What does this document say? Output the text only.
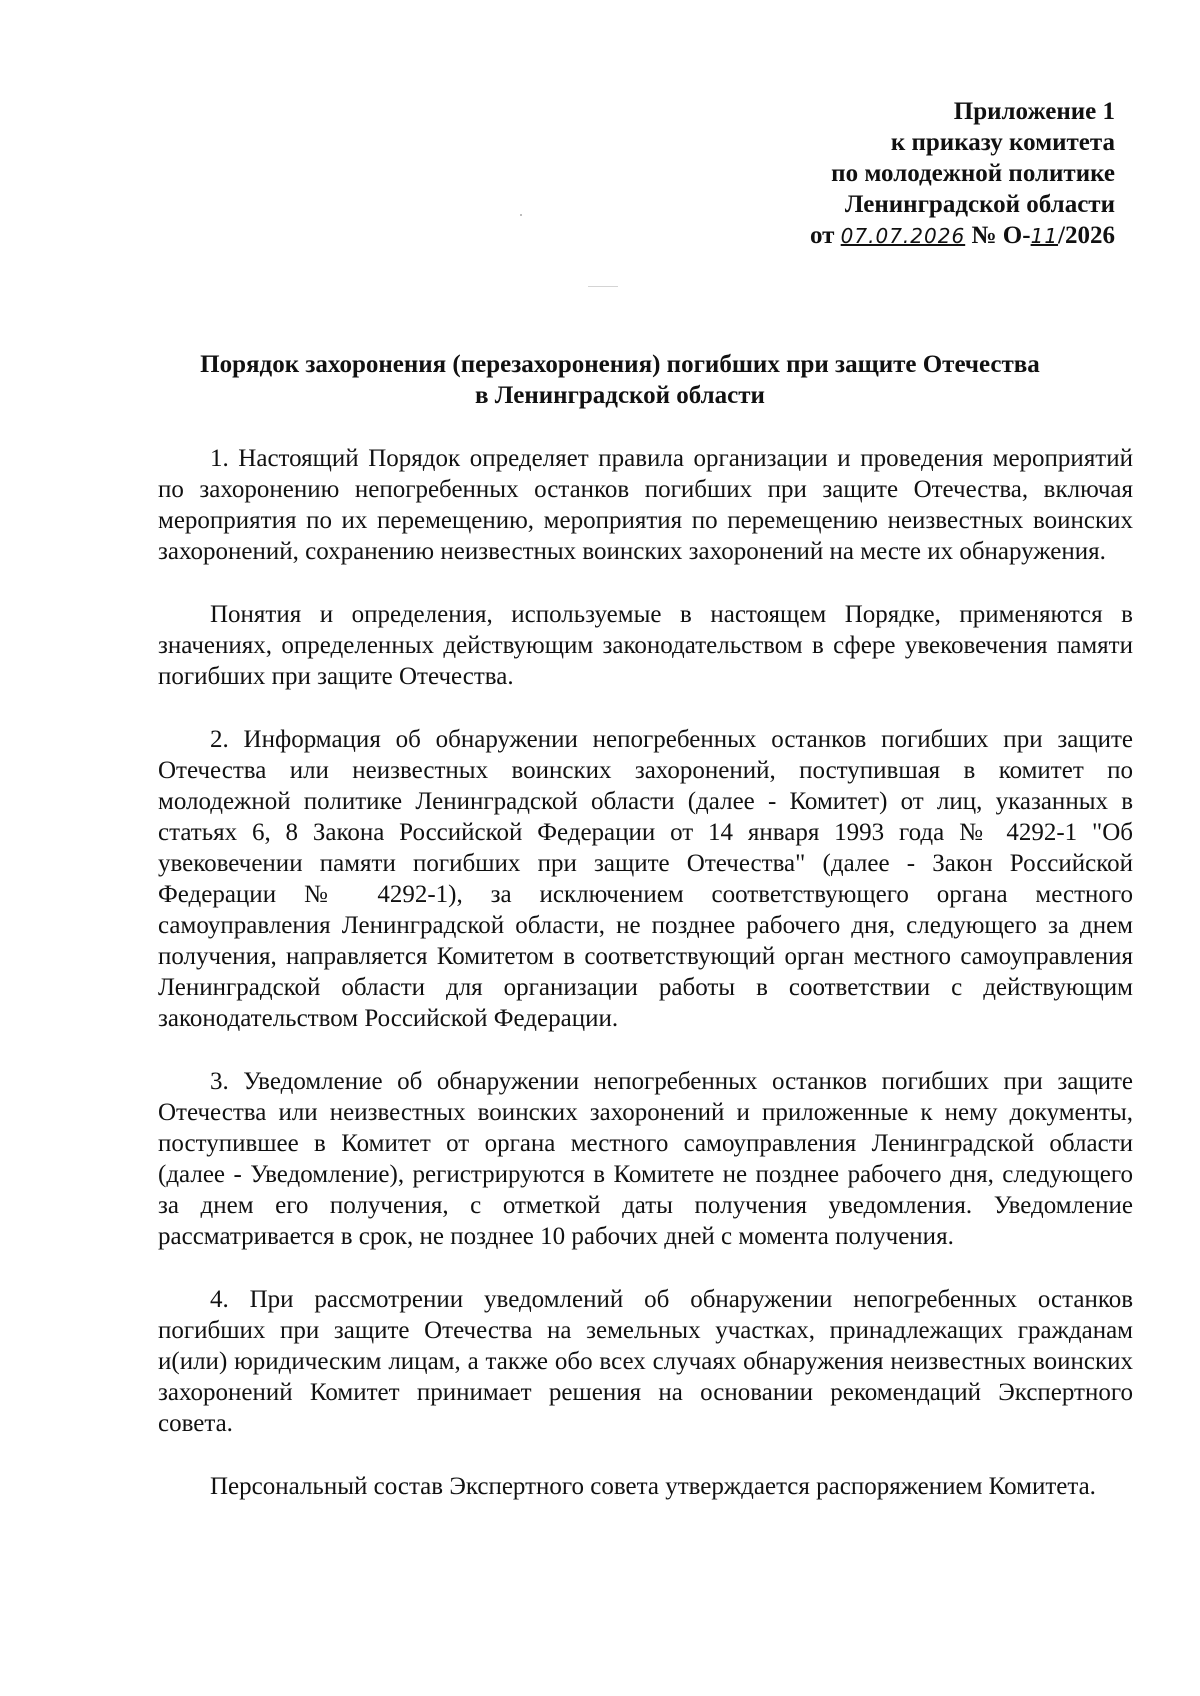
Приложение 1
к приказу комитета
по молодежной политике
Ленинградской области
от 07.07.2026 № О-11/2026
Порядок захоронения (перезахоронения) погибших при защите Отечества
в Ленинградской области

1. Настоящий Порядок определяет правила организации и проведения мероприятий по захоронению непогребенных останков погибших при защите Отечества, включая мероприятия по их перемещению, мероприятия по перемещению неизвестных воинских захоронений, сохранению неизвестных воинских захоронений на месте их обнаружения.

Понятия и определения, используемые в настоящем Порядке, применяются в значениях, определенных действующим законодательством в сфере увековечения памяти погибших при защите Отечества.

2. Информация об обнаружении непогребенных останков погибших при защите Отечества или неизвестных воинских захоронений, поступившая в комитет по молодежной политике Ленинградской области (далее - Комитет) от лиц, указанных в статьях 6, 8 Закона Российской Федерации от 14 января 1993 года № 4292-1 "Об увековечении памяти погибших при защите Отечества" (далее - Закон Российской Федерации № 4292-1), за исключением соответствующего органа местного самоуправления Ленинградской области, не позднее рабочего дня, следующего за днем получения, направляется Комитетом в соответствующий орган местного самоуправления Ленинградской области для организации работы в соответствии с действующим законодательством Российской Федерации.

3. Уведомление об обнаружении непогребенных останков погибших при защите Отечества или неизвестных воинских захоронений и приложенные к нему документы, поступившее в Комитет от органа местного самоуправления Ленинградской области (далее - Уведомление), регистрируются в Комитете не позднее рабочего дня, следующего за днем его получения, с отметкой даты получения уведомления. Уведомление рассматривается в срок, не позднее 10 рабочих дней с момента получения.

4. При рассмотрении уведомлений об обнаружении непогребенных останков погибших при защите Отечества на земельных участках, принадлежащих гражданам и(или) юридическим лицам, а также обо всех случаях обнаружения неизвестных воинских захоронений Комитет принимает решения на основании рекомендаций Экспертного совета.

Персональный состав Экспертного совета утверждается распоряжением Комитета.
